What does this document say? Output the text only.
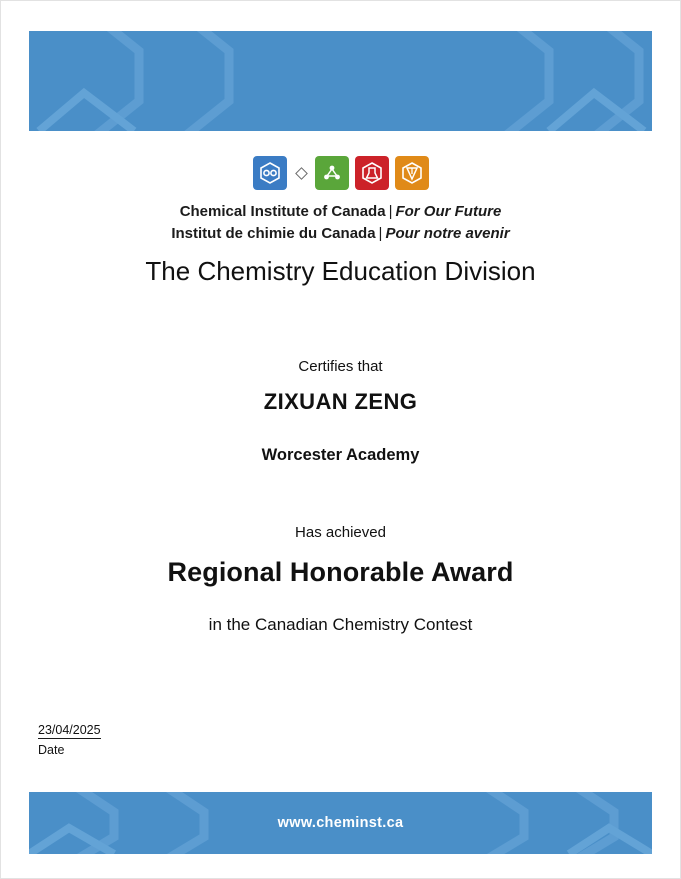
Chemical Institute of Canada | For Our Future
Institut de chimie du Canada | Pour notre avenir
The Chemistry Education Division
Certifies that
ZIXUAN ZENG
Worcester Academy
Has achieved
Regional Honorable Award
in the Canadian Chemistry Contest
23/04/2025
Date
www.cheminst.ca
